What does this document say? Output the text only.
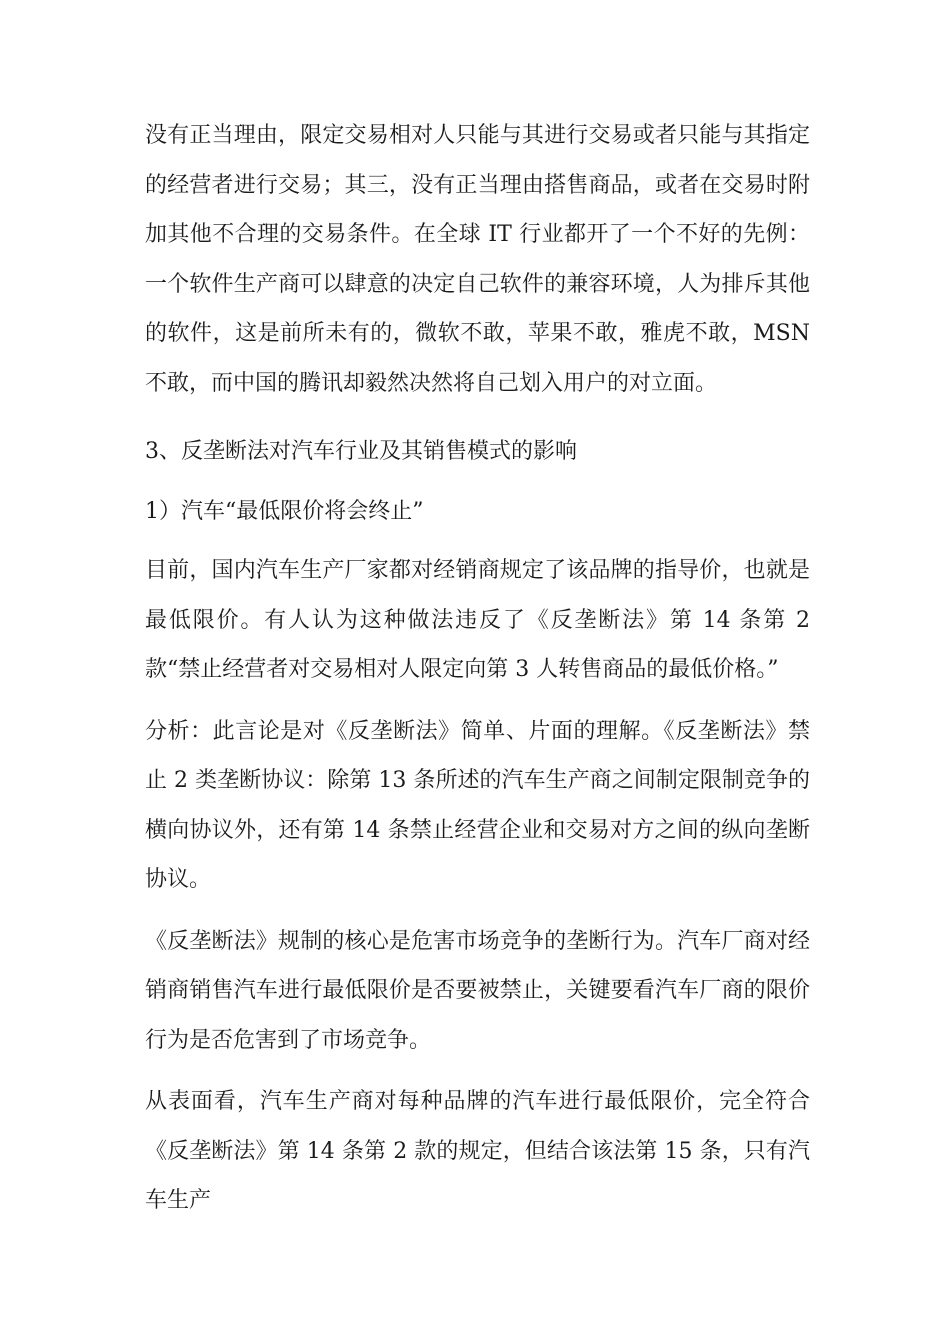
没有正当理由，限定交易相对人只能与其进行交易或者只能与其指定的经营者进行交易；其三，没有正当理由搭售商品，或者在交易时附加其他不合理的交易条件。在全球 IT 行业都开了一个不好的先例：一个软件生产商可以肆意的决定自己软件的兼容环境，人为排斥其他的软件，这是前所未有的，微软不敢，苹果不敢，雅虎不敢，MSN 不敢，而中国的腾讯却毅然决然将自己划入用户的对立面。

3、反垄断法对汽车行业及其销售模式的影响

1）汽车“最低限价将会终止”

目前，国内汽车生产厂家都对经销商规定了该品牌的指导价，也就是最低限价。有人认为这种做法违反了《反垄断法》第 14 条第 2 款“禁止经营者对交易相对人限定向第 3 人转售商品的最低价格。”

分析：此言论是对《反垄断法》简单、片面的理解。《反垄断法》禁止 2 类垄断协议：除第 13 条所述的汽车生产商之间制定限制竞争的横向协议外，还有第 14 条禁止经营企业和交易对方之间的纵向垄断协议。

《反垄断法》规制的核心是危害市场竞争的垄断行为。汽车厂商对经销商销售汽车进行最低限价是否要被禁止，关键要看汽车厂商的限价行为是否危害到了市场竞争。

从表面看，汽车生产商对每种品牌的汽车进行最低限价，完全符合《反垄断法》第 14 条第 2 款的规定，但结合该法第 15 条，只有汽车生产
